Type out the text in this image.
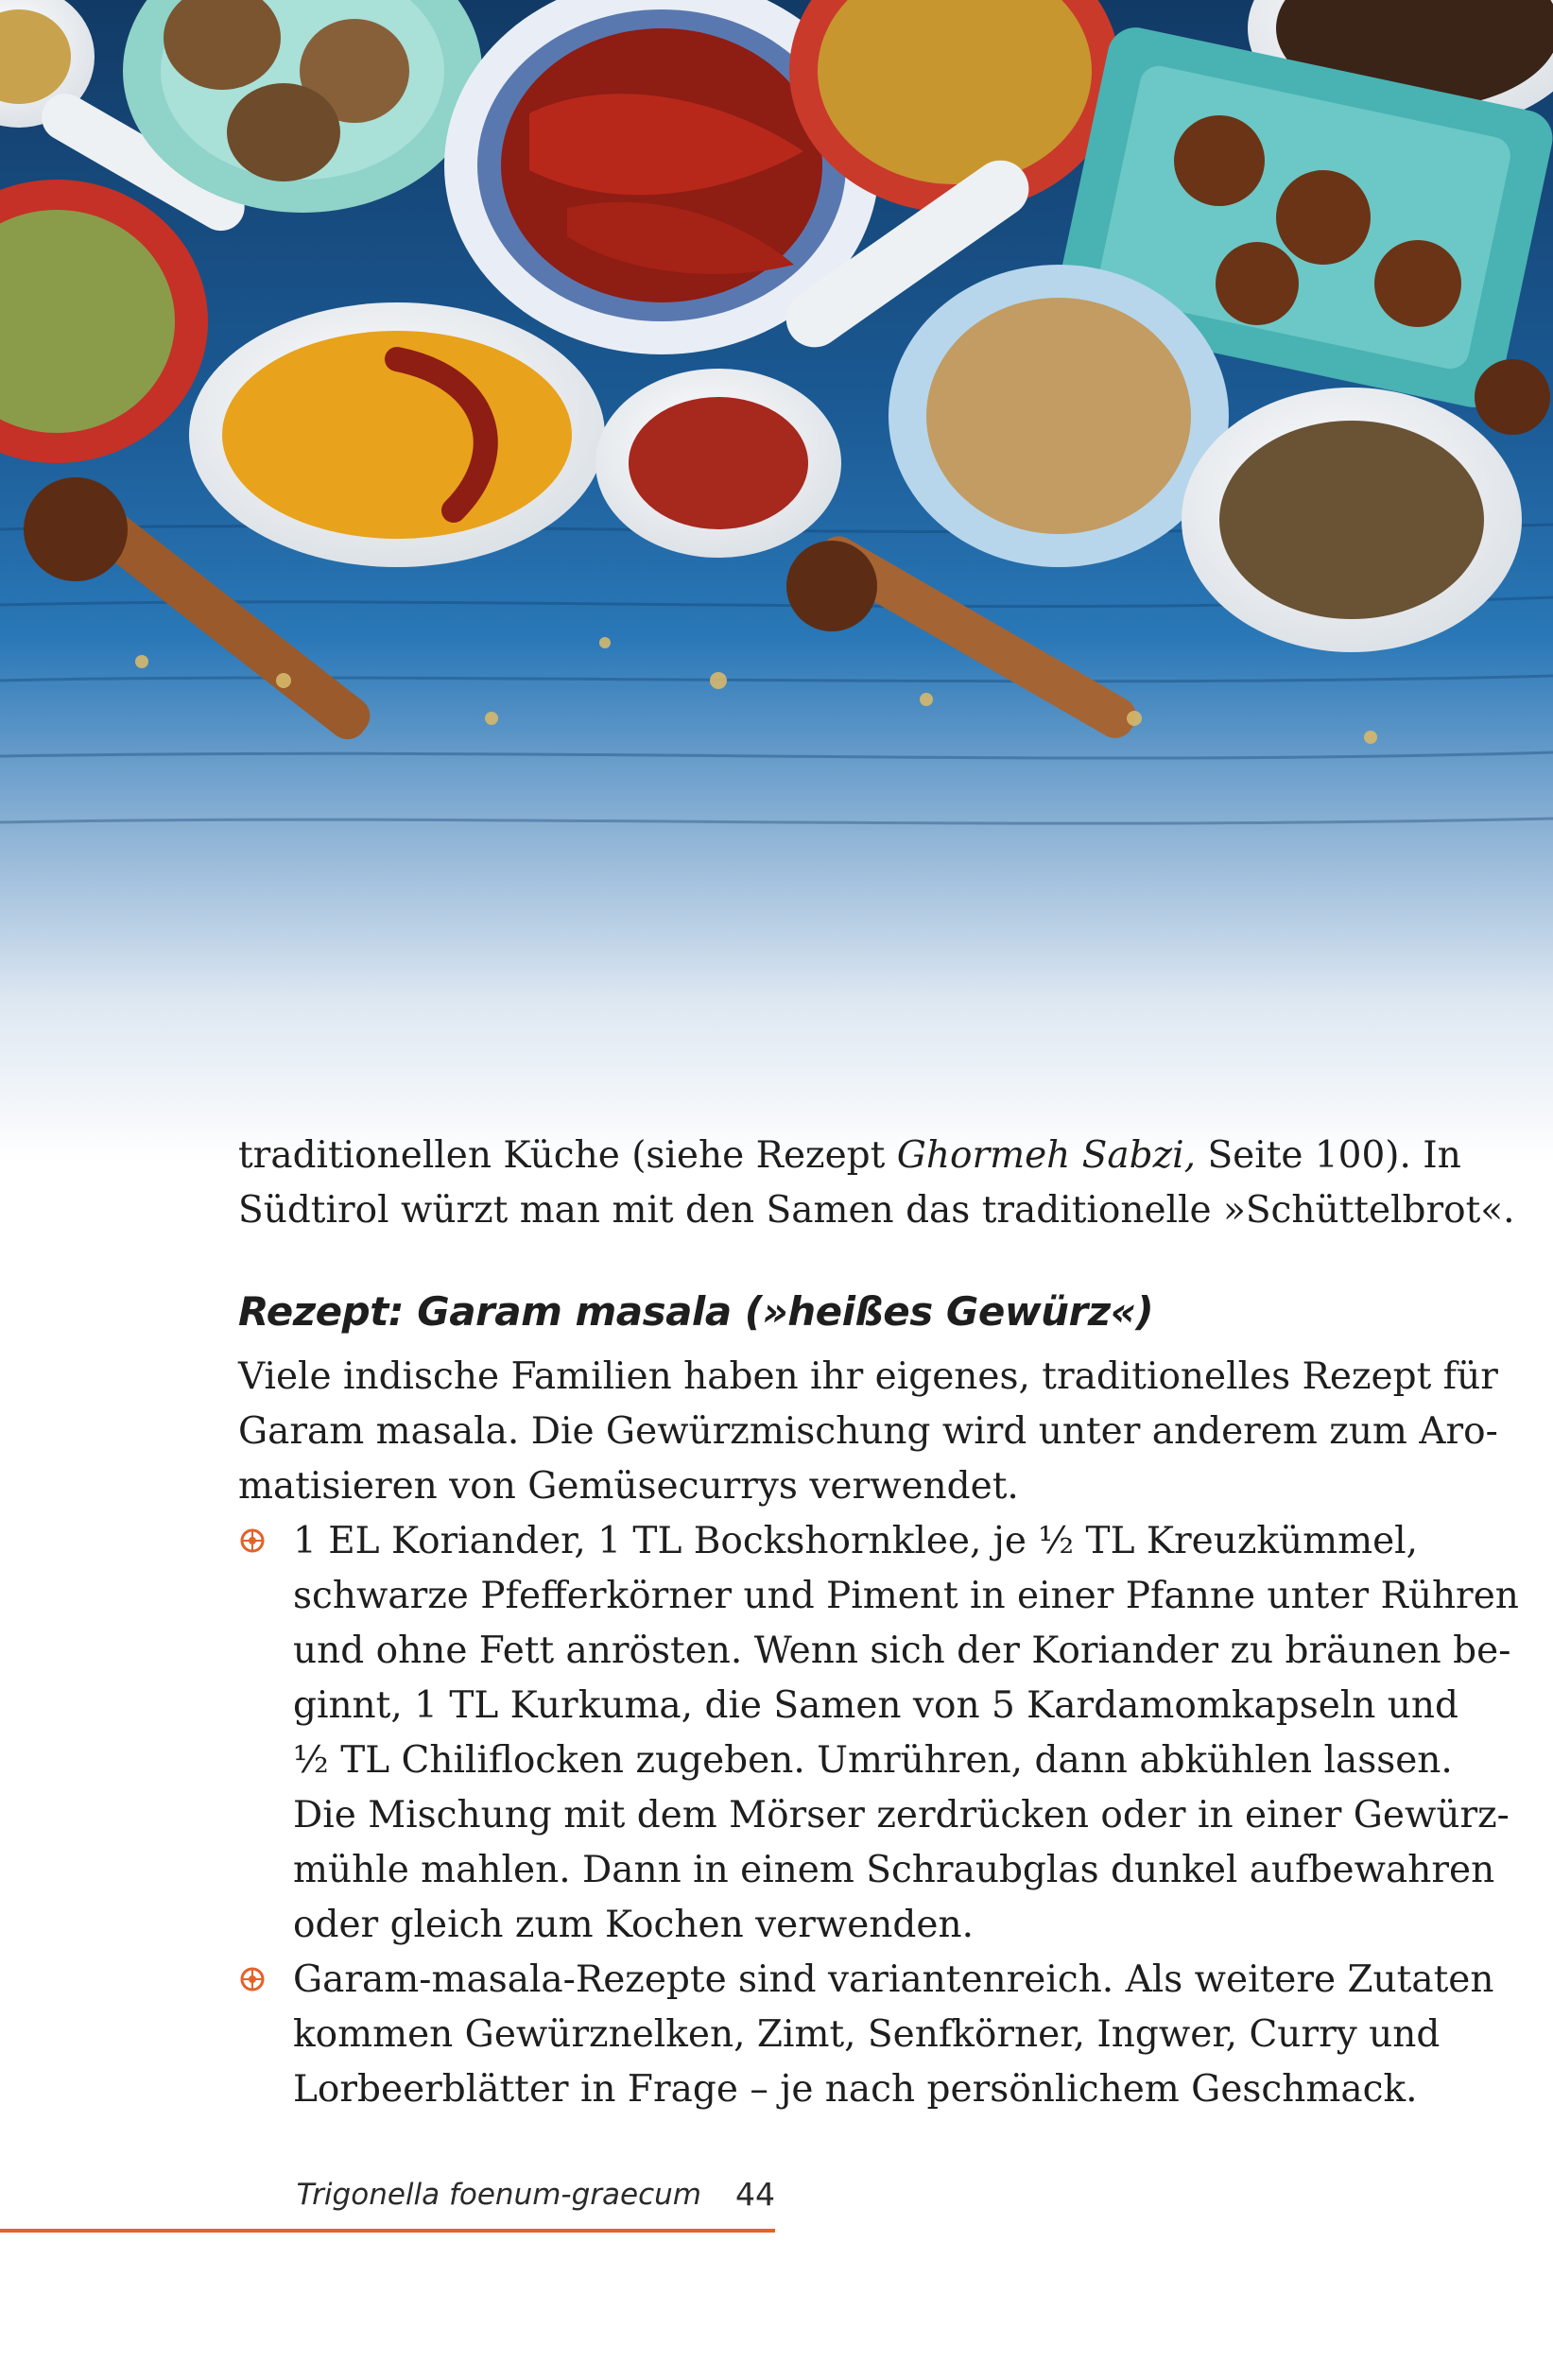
traditionellen Küche (siehe Rezept Ghormeh Sabzi, Seite 100). In
Südtirol würzt man mit den Samen das traditionelle »Schüttelbrot«.
Rezept: Garam masala (»heißes Gewürz«)
Viele indische Familien haben ihr eigenes, traditionelles Rezept für
Garam masala. Die Gewürzmischung wird unter anderem zum Aro-
matisieren von Gemüsecurrys verwendet.
1 EL Koriander, 1 TL Bockshornklee, je ½ TL Kreuzkümmel,
schwarze Pfefferkörner und Piment in einer Pfanne unter Rühren
und ohne Fett anrösten. Wenn sich der Koriander zu bräunen be-
ginnt, 1 TL Kurkuma, die Samen von 5 Kardamomkapseln und
½ TL Chiliflocken zugeben. Umrühren, dann abkühlen lassen.
Die Mischung mit dem Mörser zerdrücken oder in einer Gewürz-
mühle mahlen. Dann in einem Schraubglas dunkel aufbewahren
oder gleich zum Kochen verwenden.
Garam-masala-Rezepte sind variantenreich. Als weitere Zutaten
kommen Gewürznelken, Zimt, Senfkörner, Ingwer, Curry und
Lorbeerblätter in Frage – je nach persönlichem Geschmack.
Trigonella foenum-graecum	44
